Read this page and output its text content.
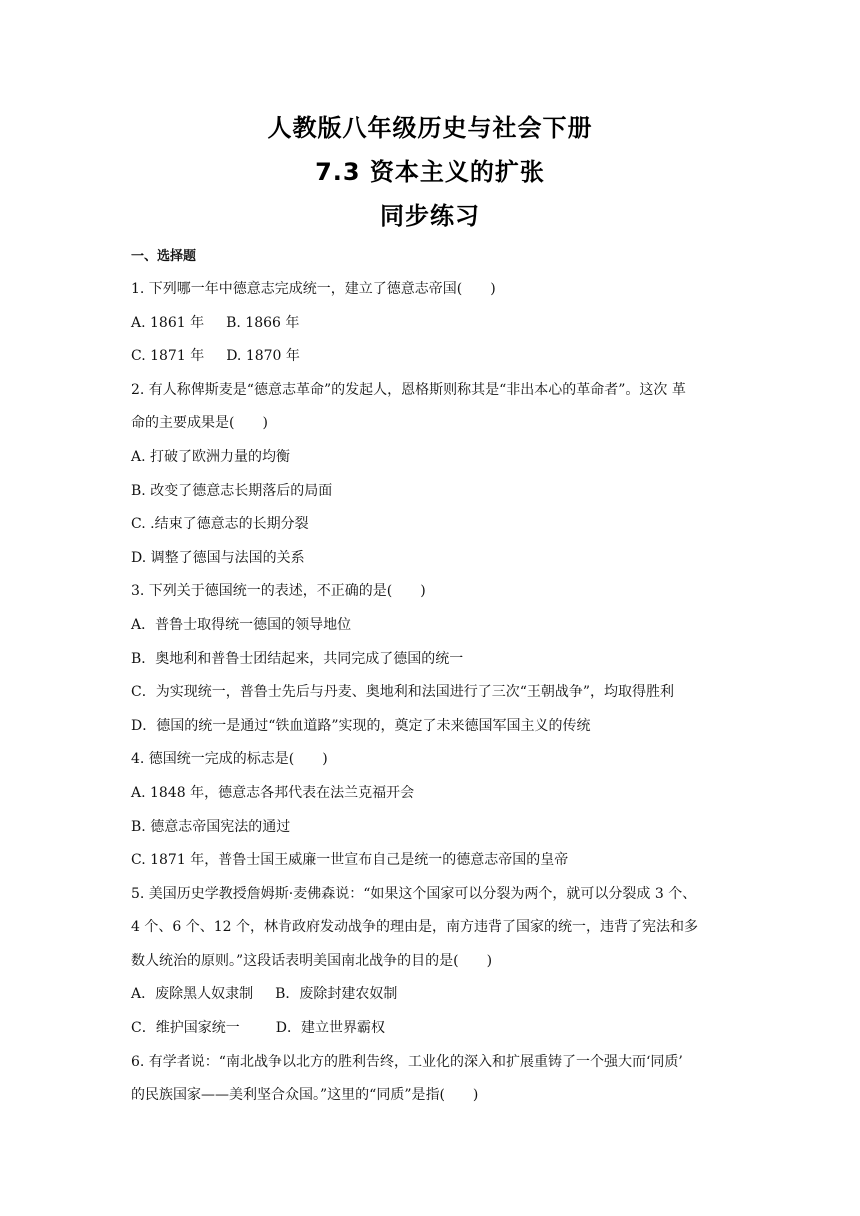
人教版八年级历史与社会下册
7.3 资本主义的扩张
同步练习
一、选择题
1. 下列哪一年中德意志完成统一，建立了德意志帝国(　　)
A. 1861 年 B. 1866 年
C. 1871 年 D. 1870 年
2. 有人称俾斯麦是“德意志革命”的发起人，恩格斯则称其是“非出本心的革命者”。这次 革
命的主要成果是(　　)
A. 打破了欧洲力量的均衡
B. 改变了德意志长期落后的局面
C. .结束了德意志的长期分裂
D. 调整了德国与法国的关系
3. 下列关于德国统一的表述，不正确的是(　　)
A．普鲁士取得统一德国的领导地位
B．奥地利和普鲁士团结起来，共同完成了德国的统一
C．为实现统一，普鲁士先后与丹麦、奥地利和法国进行了三次“王朝战争”，均取得胜利
D．德国的统一是通过“铁血道路”实现的，奠定了未来德国军国主义的传统
4. 德国统一完成的标志是(　　)
A. 1848 年，德意志各邦代表在法兰克福开会
B. 德意志帝国宪法的通过
C. 1871 年，普鲁士国王威廉一世宣布自己是统一的德意志帝国的皇帝
5. 美国历史学教授詹姆斯·麦佛森说：“如果这个国家可以分裂为两个，就可以分裂成 3 个、
4 个、6 个、12 个，林肯政府发动战争的理由是，南方违背了国家的统一，违背了宪法和多
数人统治的原则。”这段话表明美国南北战争的目的是(　　)
A．废除黑人奴隶制 B．废除封建农奴制
C．维护国家统一	D．建立世界霸权
6. 有学者说：“南北战争以北方的胜利告终，工业化的深入和扩展重铸了一个强大而‘同质’
的民族国家——美利坚合众国。”这里的“同质”是指(　　)
